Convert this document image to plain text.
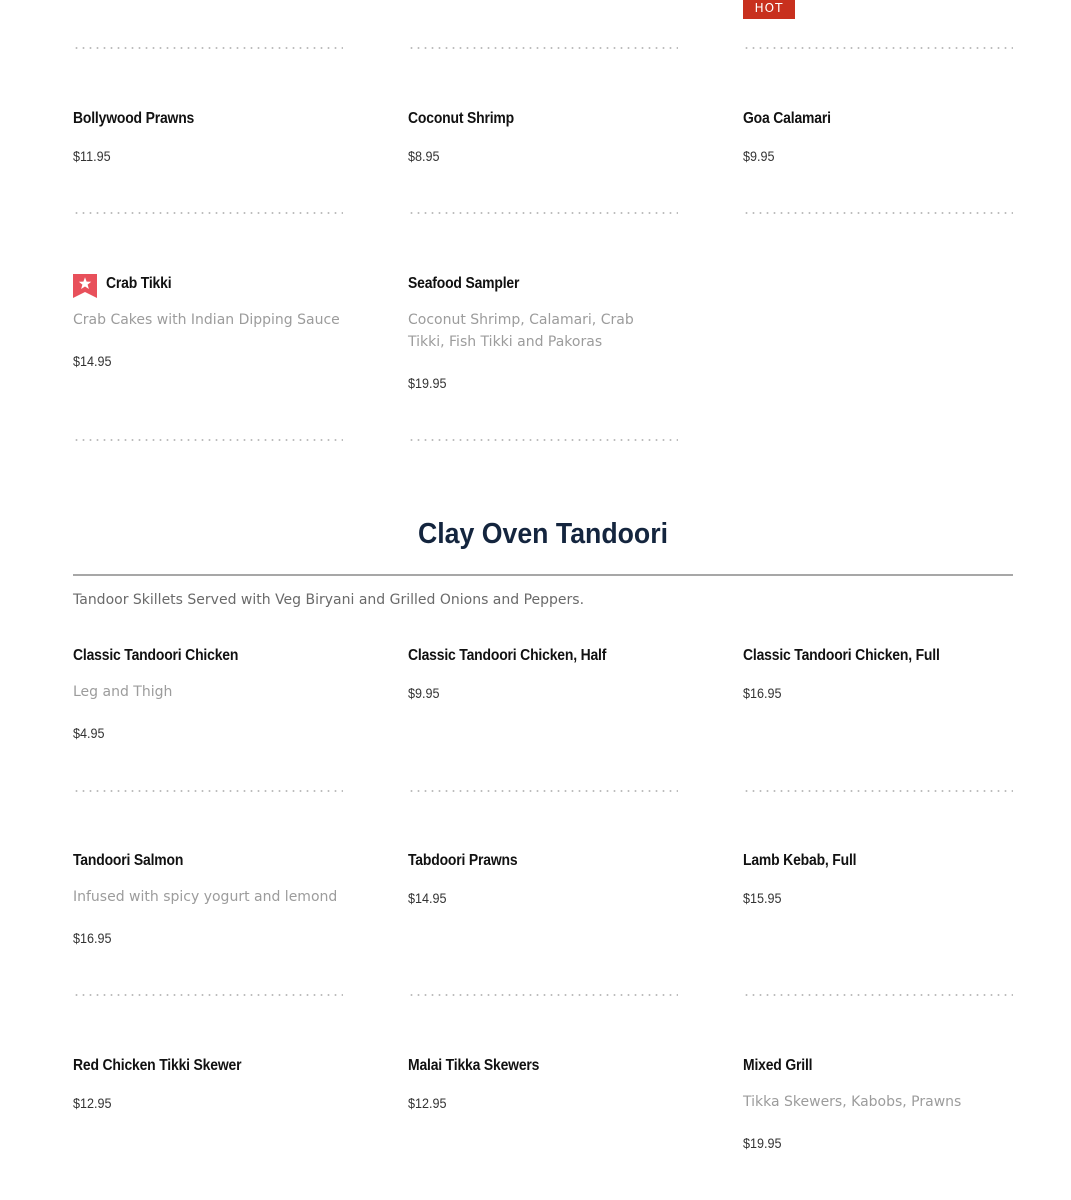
HOT
Bollywood Prawns
$11.95
Coconut Shrimp
$8.95
Goa Calamari
$9.95
Crab Tikki
Crab Cakes with Indian Dipping Sauce
$14.95
Seafood Sampler
Coconut Shrimp, Calamari, Crab Tikki, Fish Tikki and Pakoras
$19.95
Clay Oven Tandoori
Tandoor Skillets Served with Veg Biryani and Grilled Onions and Peppers.
Classic Tandoori Chicken
Leg and Thigh
$4.95
Classic Tandoori Chicken, Half
$9.95
Classic Tandoori Chicken, Full
$16.95
Tandoori Salmon
Infused with spicy yogurt and lemond
$16.95
Tabdoori Prawns
$14.95
Lamb Kebab, Full
$15.95
Red Chicken Tikki Skewer
$12.95
Malai Tikka Skewers
$12.95
Mixed Grill
Tikka Skewers, Kabobs, Prawns
$19.95
